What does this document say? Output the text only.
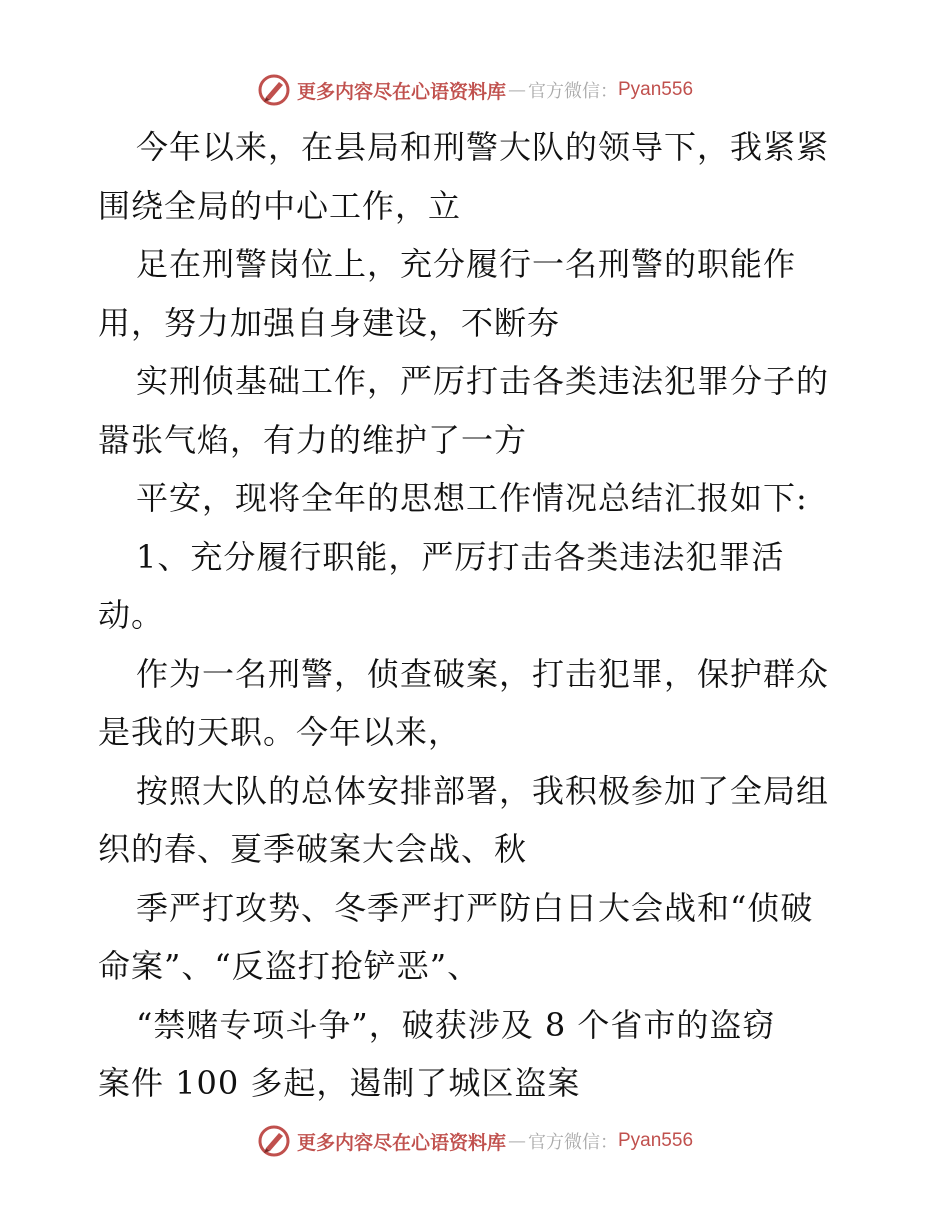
更多内容尽在心语资料库 — 官方微信： Pyan556
今年以来，在县局和刑警大队的领导下，我紧紧
围绕全局的中心工作，立
足在刑警岗位上，充分履行一名刑警的职能作
用，努力加强自身建设，不断夯
实刑侦基础工作，严厉打击各类违法犯罪分子的
嚣张气焰，有力的维护了一方
平安，现将全年的思想工作情况总结汇报如下:
1、充分履行职能，严厉打击各类违法犯罪活
动。
作为一名刑警，侦查破案，打击犯罪，保护群众
是我的天职。今年以来，
按照大队的总体安排部署，我积极参加了全局组
织的春、夏季破案大会战、秋
季严打攻势、冬季严打严防白日大会战和“侦破
命案”、“反盗打抢铲恶”、
“禁赌专项斗争”，破获涉及 8 个省市的盗窃
案件 100 多起，遏制了城区盗案
更多内容尽在心语资料库 — 官方微信： Pyan556
